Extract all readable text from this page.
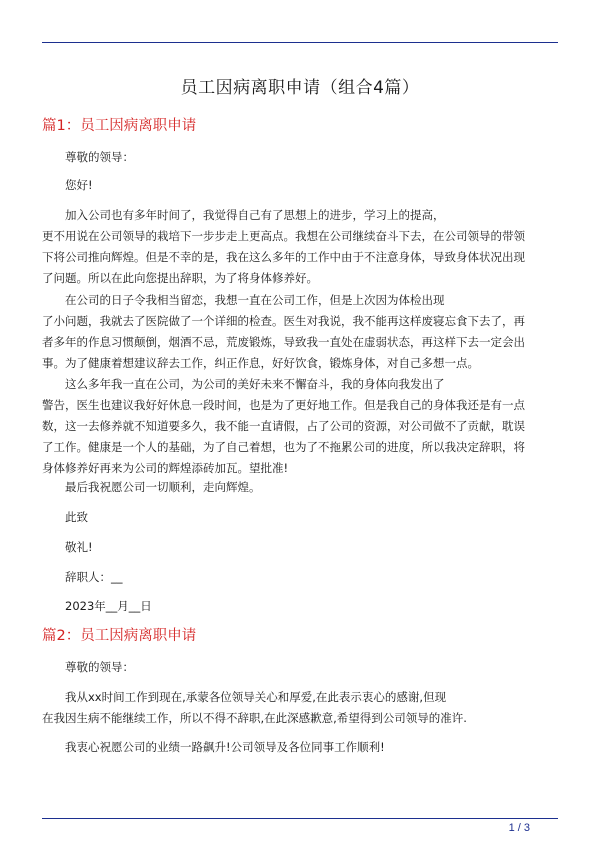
员工因病离职申请（组合4篇）
篇1：员工因病离职申请

尊敬的领导：

您好!

加入公司也有多年时间了，我觉得自己有了思想上的进步，学习上的提高，
更不用说在公司领导的栽培下一步步走上更高点。我想在公司继续奋斗下去，在公司领导的带领
下将公司推向辉煌。但是不幸的是，我在这么多年的工作中由于不注意身体，导致身体状况出现
了问题。所以在此向您提出辞职，为了将身体修养好。

在公司的日子令我相当留恋，我想一直在公司工作，但是上次因为体检出现
了小问题，我就去了医院做了一个详细的检查。医生对我说，我不能再这样废寝忘食下去了，再
者多年的作息习惯颠倒，烟酒不忌，荒废锻炼，导致我一直处在虚弱状态，再这样下去一定会出
事。为了健康着想建议辞去工作，纠正作息，好好饮食，锻炼身体，对自己多想一点。

这么多年我一直在公司，为公司的美好未来不懈奋斗，我的身体向我发出了
警告，医生也建议我好好休息一段时间，也是为了更好地工作。但是我自己的身体我还是有一点
数，这一去修养就不知道要多久，我不能一直请假，占了公司的资源，对公司做不了贡献，耽误
了工作。健康是一个人的基础，为了自己着想，也为了不拖累公司的进度，所以我决定辞职，将
身体修养好再来为公司的辉煌添砖加瓦。望批准!

最后我祝愿公司一切顺利，走向辉煌。

此致

敬礼!

辞职人：__

2023年__月__日

篇2：员工因病离职申请

尊敬的领导：

我从xx时间工作到现在,承蒙各位领导关心和厚爱,在此表示衷心的感谢,但现
在我因生病不能继续工作，所以不得不辞职,在此深感歉意,希望得到公司领导的准许.

我衷心祝愿公司的业绩一路飙升!公司领导及各位同事工作顺利!

1 / 3
